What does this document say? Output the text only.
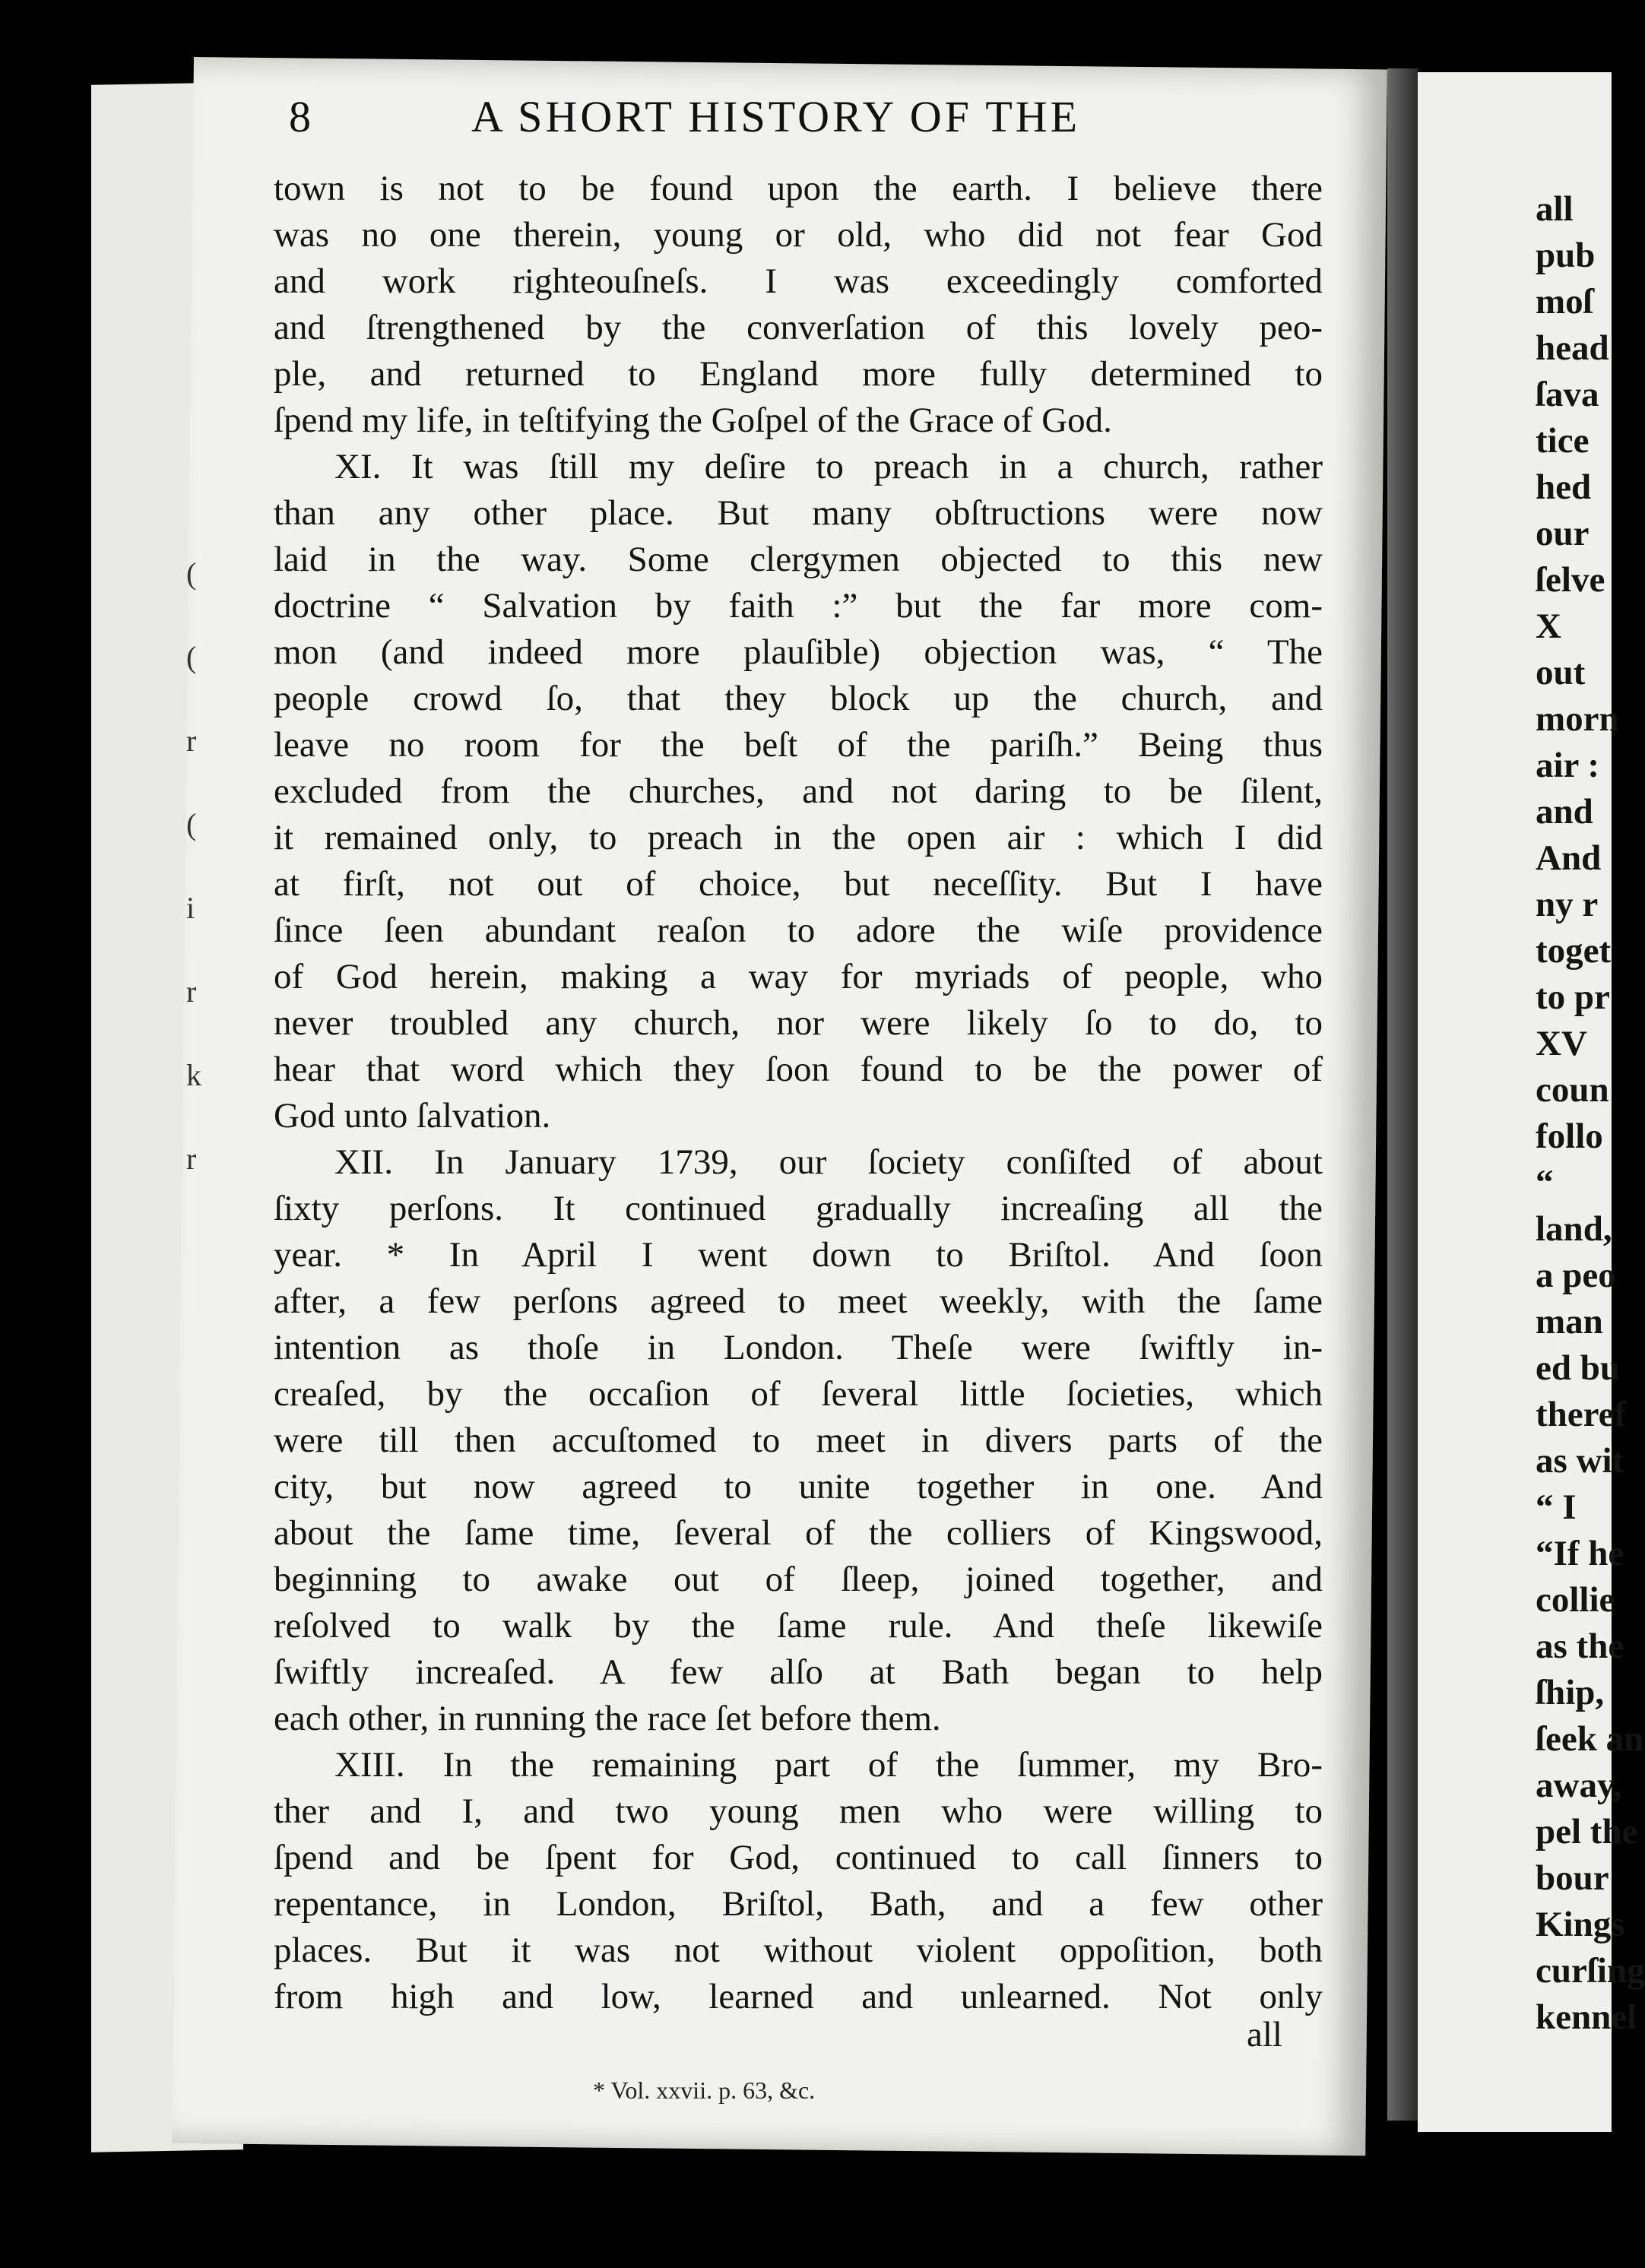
8	A SHORT HISTORY OF THE
town is not to be found upon the earth. I believe there
was no one therein, young or old, who did not fear God
and work righteouſneſs. I was exceedingly comforted
and ſtrengthened by the converſation of this lovely peo-
ple, and returned to England more fully determined to
ſpend my life, in teſtifying the Goſpel of the Grace of God.
XI. It was ſtill my deſire to preach in a church, rather
than any other place. But many obſtructions were now
laid in the way. Some clergymen objected to this new
doctrine “ Salvation by faith :” but the far more com-
mon (and indeed more plauſible) objection was, “ The
people crowd ſo, that they block up the church, and
leave no room for the beſt of the pariſh.” Being thus
excluded from the churches, and not daring to be ſilent,
it remained only, to preach in the open air : which I did
at firſt, not out of choice, but neceſſity. But I have
ſince ſeen abundant reaſon to adore the wiſe providence
of God herein, making a way for myriads of people, who
never troubled any church, nor were likely ſo to do, to
hear that word which they ſoon found to be the power of
God unto ſalvation.
XII. In January 1739, our ſociety conſiſted of about
ſixty perſons. It continued gradually increaſing all the
year. * In April I went down to Briſtol. And ſoon
after, a few perſons agreed to meet weekly, with the ſame
intention as thoſe in London. Theſe were ſwiftly in-
creaſed, by the occaſion of ſeveral little ſocieties, which
were till then accuſtomed to meet in divers parts of the
city, but now agreed to unite together in one. And
about the ſame time, ſeveral of the colliers of Kingswood,
beginning to awake out of ſleep, joined together, and
reſolved to walk by the ſame rule. And theſe likewiſe
ſwiftly increaſed. A few alſo at Bath began to help
each other, in running the race ſet before them.
XIII. In the remaining part of the ſummer, my Bro-
ther and I, and two young men who were willing to
ſpend and be ſpent for God, continued to call ſinners to
repentance, in London, Briſtol, Bath, and a few other
places. But it was not without violent oppoſition, both
from high and low, learned and unlearned. Not only
all
* Vol. xxvii. p. 63, &c.
all
pub
moſ
head
ſava
tice
hed
our
ſelve
X
out
morn
air :
and
And
ny r
toget
to pr
XV
coun
follo
“
land,
a peo
man
ed bu
theref
as wit
“ I
“If he
collie
as the
ſhip,
ſeek an
away,
pel the
bour
Kings
curſing
kennel
(
(
r
(
i
r
k
r
